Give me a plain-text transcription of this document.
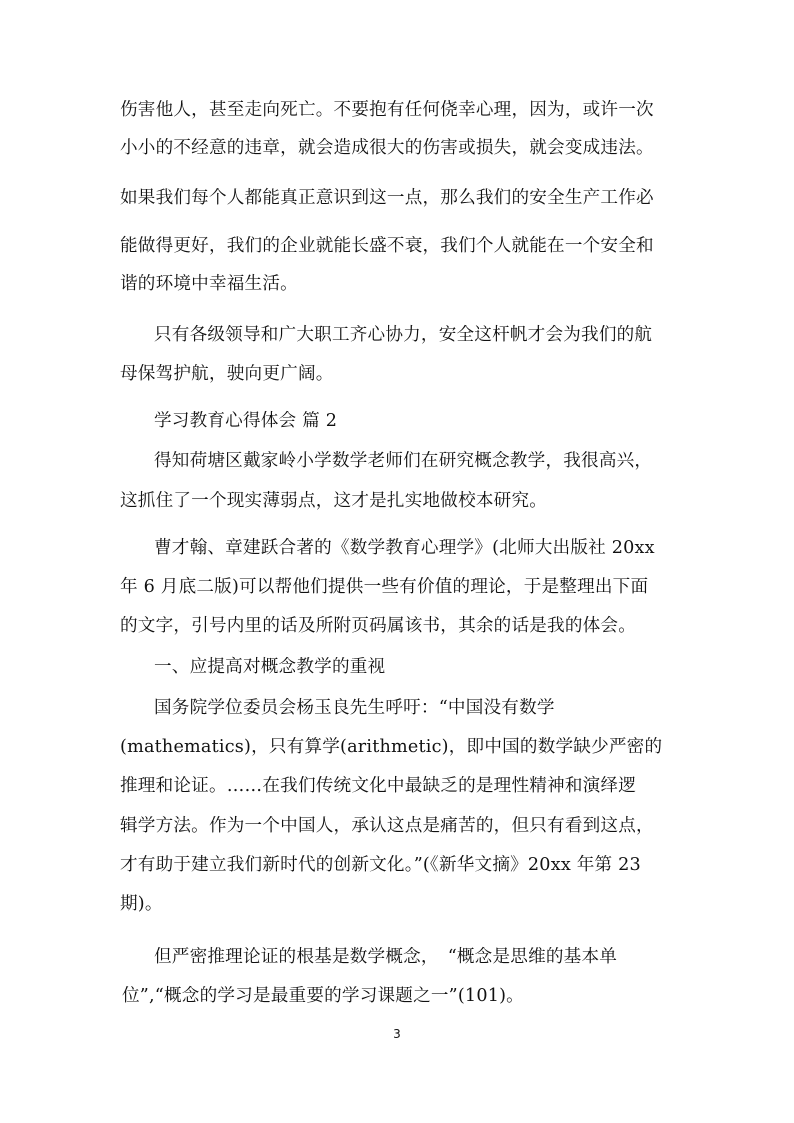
伤害他人，甚至走向死亡。不要抱有任何侥幸心理，因为，或许一次
小小的不经意的违章，就会造成很大的伤害或损失，就会变成违法。
如果我们每个人都能真正意识到这一点，那么我们的安全生产工作必
能做得更好，我们的企业就能长盛不衰，我们个人就能在一个安全和
谐的环境中幸福生活。
只有各级领导和广大职工齐心协力，安全这杆帆才会为我们的航
母保驾护航，驶向更广阔。
学习教育心得体会 篇 2
得知荷塘区戴家岭小学数学老师们在研究概念教学，我很高兴，
这抓住了一个现实薄弱点，这才是扎实地做校本研究。
曹才翰、章建跃合著的《数学教育心理学》(北师大出版社 20xx
年 6 月底二版)可以帮他们提供一些有价值的理论，于是整理出下面
的文字，引号内里的话及所附页码属该书，其余的话是我的体会。
一、应提高对概念教学的重视
国务院学位委员会杨玉良先生呼吁：“中国没有数学
(mathematics)，只有算学(arithmetic)，即中国的数学缺少严密的
推理和论证。……在我们传统文化中最缺乏的是理性精神和演绎逻
辑学方法。作为一个中国人，承认这点是痛苦的，但只有看到这点，
才有助于建立我们新时代的创新文化。”(《新华文摘》20xx 年第 23
期)。
但严密推理论证的根基是数学概念，　“概念是思维的基本单
位”,“概念的学习是最重要的学习课题之一”(101)。
3
